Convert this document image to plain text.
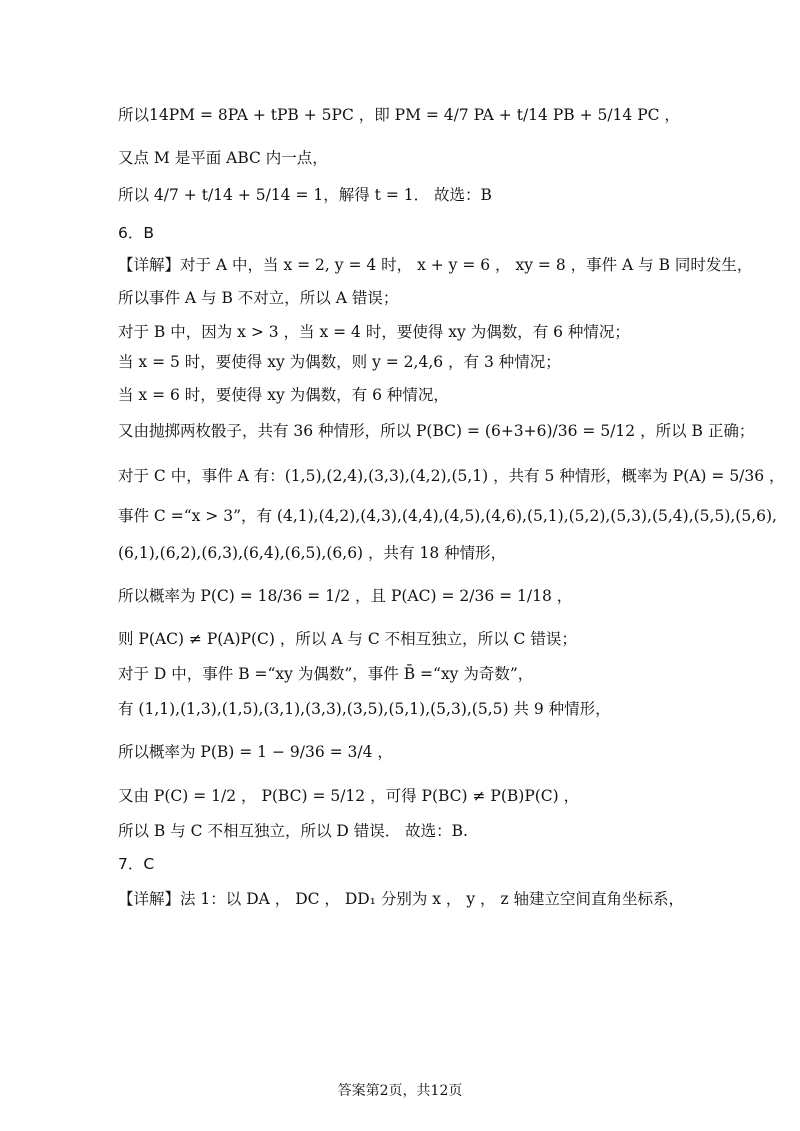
所以14PM = 8PA + tPB + 5PC ，即 PM = 4/7 PA + t/14 PB + 5/14 PC ，
又点 M 是平面 ABC 内一点，
所以 4/7 + t/14 + 5/14 = 1，解得 t = 1． 故选：B
6．B
【详解】对于 A 中，当 x = 2, y = 4 时， x + y = 6 ， xy = 8 ，事件 A 与 B 同时发生，
所以事件 A 与 B 不对立，所以 A 错误；
对于 B 中，因为 x > 3 ，当 x = 4 时，要使得 xy 为偶数，有 6 种情况；
当 x = 5 时，要使得 xy 为偶数，则 y = 2,4,6 ，有 3 种情况；
当 x = 6 时，要使得 xy 为偶数，有 6 种情况，
又由抛掷两枚骰子，共有 36 种情形，所以 P(BC) = (6+3+6)/36 = 5/12 ，所以 B 正确；
对于 C 中，事件 A 有：(1,5),(2,4),(3,3),(4,2),(5,1) ，共有 5 种情形，概率为 P(A) = 5/36 ，
事件 C =“x > 3”，有 (4,1),(4,2),(4,3),(4,4),(4,5),(4,6),(5,1),(5,2),(5,3),(5,4),(5,5),(5,6),
(6,1),(6,2),(6,3),(6,4),(6,5),(6,6) ，共有 18 种情形，
所以概率为 P(C) = 18/36 = 1/2 ，且 P(AC) = 2/36 = 1/18 ，
则 P(AC) ≠ P(A)P(C) ，所以 A 与 C 不相互独立，所以 C 错误；
对于 D 中，事件 B =“xy 为偶数”，事件 B̄ =“xy 为奇数”，
有 (1,1),(1,3),(1,5),(3,1),(3,3),(3,5),(5,1),(5,3),(5,5) 共 9 种情形，
所以概率为 P(B) = 1 − 9/36 = 3/4 ，
又由 P(C) = 1/2 ， P(BC) = 5/12 ，可得 P(BC) ≠ P(B)P(C) ，
所以 B 与 C 不相互独立，所以 D 错误． 故选：B.
7．C
【详解】法 1：以 DA ， DC ， DD₁ 分别为 x ， y ， z 轴建立空间直角坐标系，
答案第2页，共12页
